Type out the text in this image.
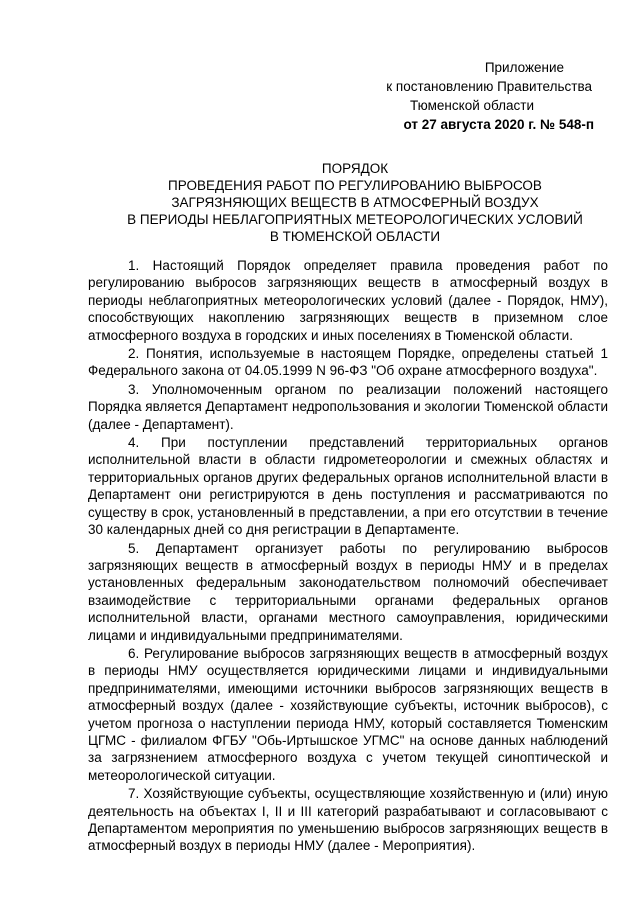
Приложение
к постановлению Правительства
Тюменской области
от 27 августа 2020 г. № 548-п
ПОРЯДОК
ПРОВЕДЕНИЯ РАБОТ ПО РЕГУЛИРОВАНИЮ ВЫБРОСОВ
ЗАГРЯЗНЯЮЩИХ ВЕЩЕСТВ В АТМОСФЕРНЫЙ ВОЗДУХ
В ПЕРИОДЫ НЕБЛАГОПРИЯТНЫХ МЕТЕОРОЛОГИЧЕСКИХ УСЛОВИЙ
В ТЮМЕНСКОЙ ОБЛАСТИ

1. Настоящий Порядок определяет правила проведения работ по регулированию выбросов загрязняющих веществ в атмосферный воздух в периоды неблагоприятных метеорологических условий (далее - Порядок, НМУ), способствующих накоплению загрязняющих веществ в приземном слое атмосферного воздуха в городских и иных поселениях в Тюменской области.

2. Понятия, используемые в настоящем Порядке, определены статьей 1 Федерального закона от 04.05.1999 N 96-ФЗ "Об охране атмосферного воздуха".

3. Уполномоченным органом по реализации положений настоящего Порядка является Департамент недропользования и экологии Тюменской области (далее - Департамент).

4. При поступлении представлений территориальных органов исполнительной власти в области гидрометеорологии и смежных областях и территориальных органов других федеральных органов исполнительной власти в Департамент они регистрируются в день поступления и рассматриваются по существу в срок, установленный в представлении, а при его отсутствии в течение 30 календарных дней со дня регистрации в Департаменте.

5. Департамент организует работы по регулированию выбросов загрязняющих веществ в атмосферный воздух в периоды НМУ и в пределах установленных федеральным законодательством полномочий обеспечивает взаимодействие с территориальными органами федеральных органов исполнительной власти, органами местного самоуправления, юридическими лицами и индивидуальными предпринимателями.

6. Регулирование выбросов загрязняющих веществ в атмосферный воздух в периоды НМУ осуществляется юридическими лицами и индивидуальными предпринимателями, имеющими источники выбросов загрязняющих веществ в атмосферный воздух (далее - хозяйствующие субъекты, источник выбросов), с учетом прогноза о наступлении периода НМУ, который составляется Тюменским ЦГМС - филиалом ФГБУ "Обь-Иртышское УГМС" на основе данных наблюдений за загрязнением атмосферного воздуха с учетом текущей синоптической и метеорологической ситуации.

7. Хозяйствующие субъекты, осуществляющие хозяйственную и (или) иную деятельность на объектах I, II и III категорий разрабатывают и согласовывают с Департаментом мероприятия по уменьшению выбросов загрязняющих веществ в атмосферный воздух в периоды НМУ (далее - Мероприятия).
